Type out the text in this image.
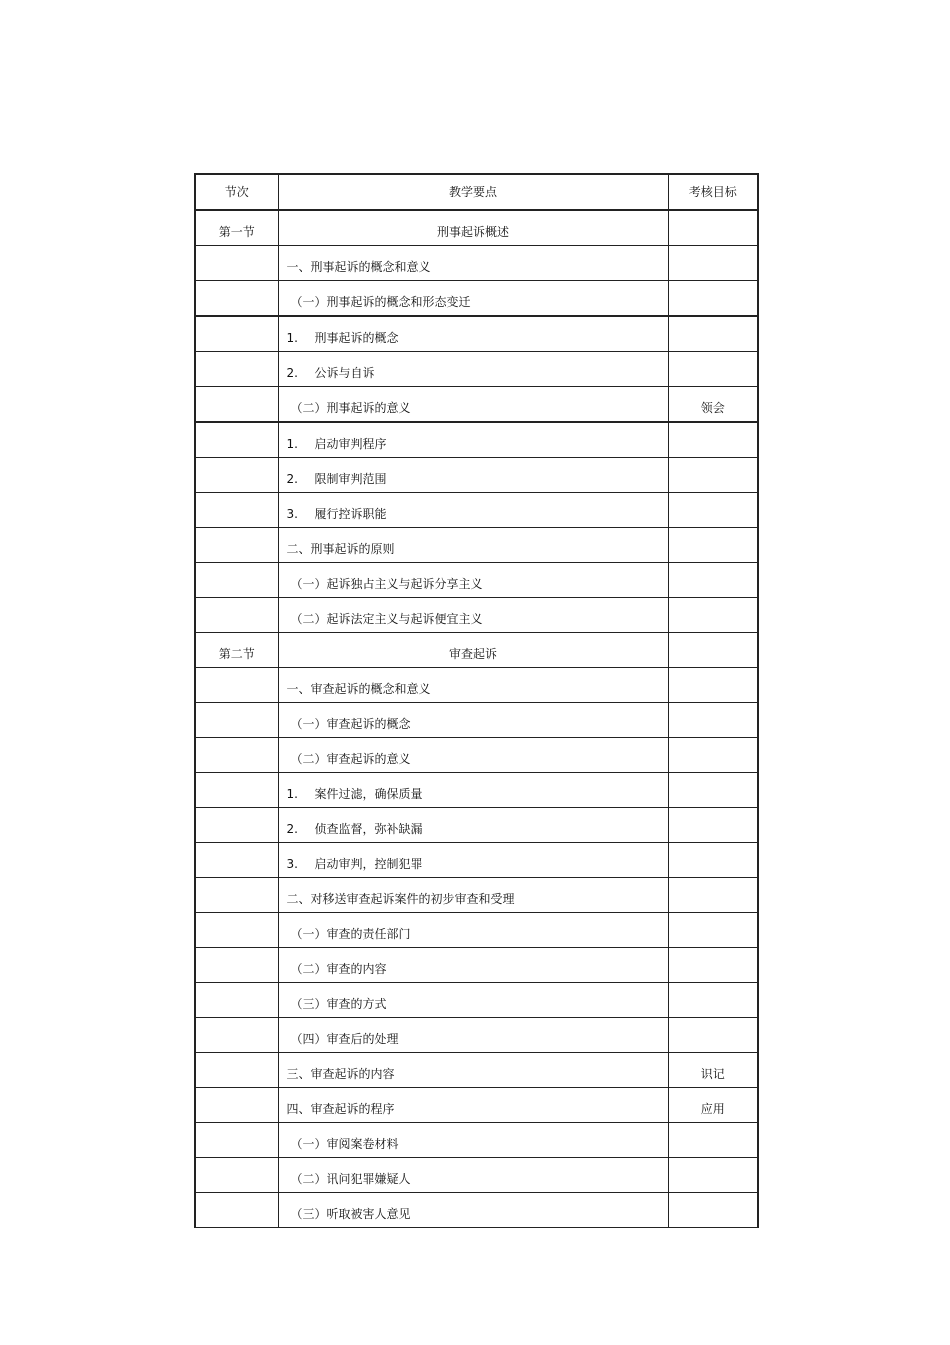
节次	教学要点	考核目标

第一节	刑事起诉概述	

	一、刑事起诉的概念和意义	

	（一）刑事起诉的概念和形态变迁	

	1. 刑事起诉的概念	

	2. 公诉与自诉	

	（二）刑事起诉的意义	领会

	1. 启动审判程序	

	2. 限制审判范围	

	3. 履行控诉职能	

	二、刑事起诉的原则	

	（一）起诉独占主义与起诉分享主义	

	（二）起诉法定主义与起诉便宜主义	

第二节	审查起诉	

	一、审查起诉的概念和意义	

	（一）审查起诉的概念	

	（二）审查起诉的意义	

	1. 案件过滤，确保质量	

	2. 侦查监督，弥补缺漏	

	3. 启动审判，控制犯罪	

	二、对移送审查起诉案件的初步审查和受理	

	（一）审查的责任部门	

	（二）审查的内容	

	（三）审查的方式	

	（四）审查后的处理	

	三、审查起诉的内容	识记

	四、审查起诉的程序	应用

	（一）审阅案卷材料	

	（二）讯问犯罪嫌疑人	

	（三）听取被害人意见	
